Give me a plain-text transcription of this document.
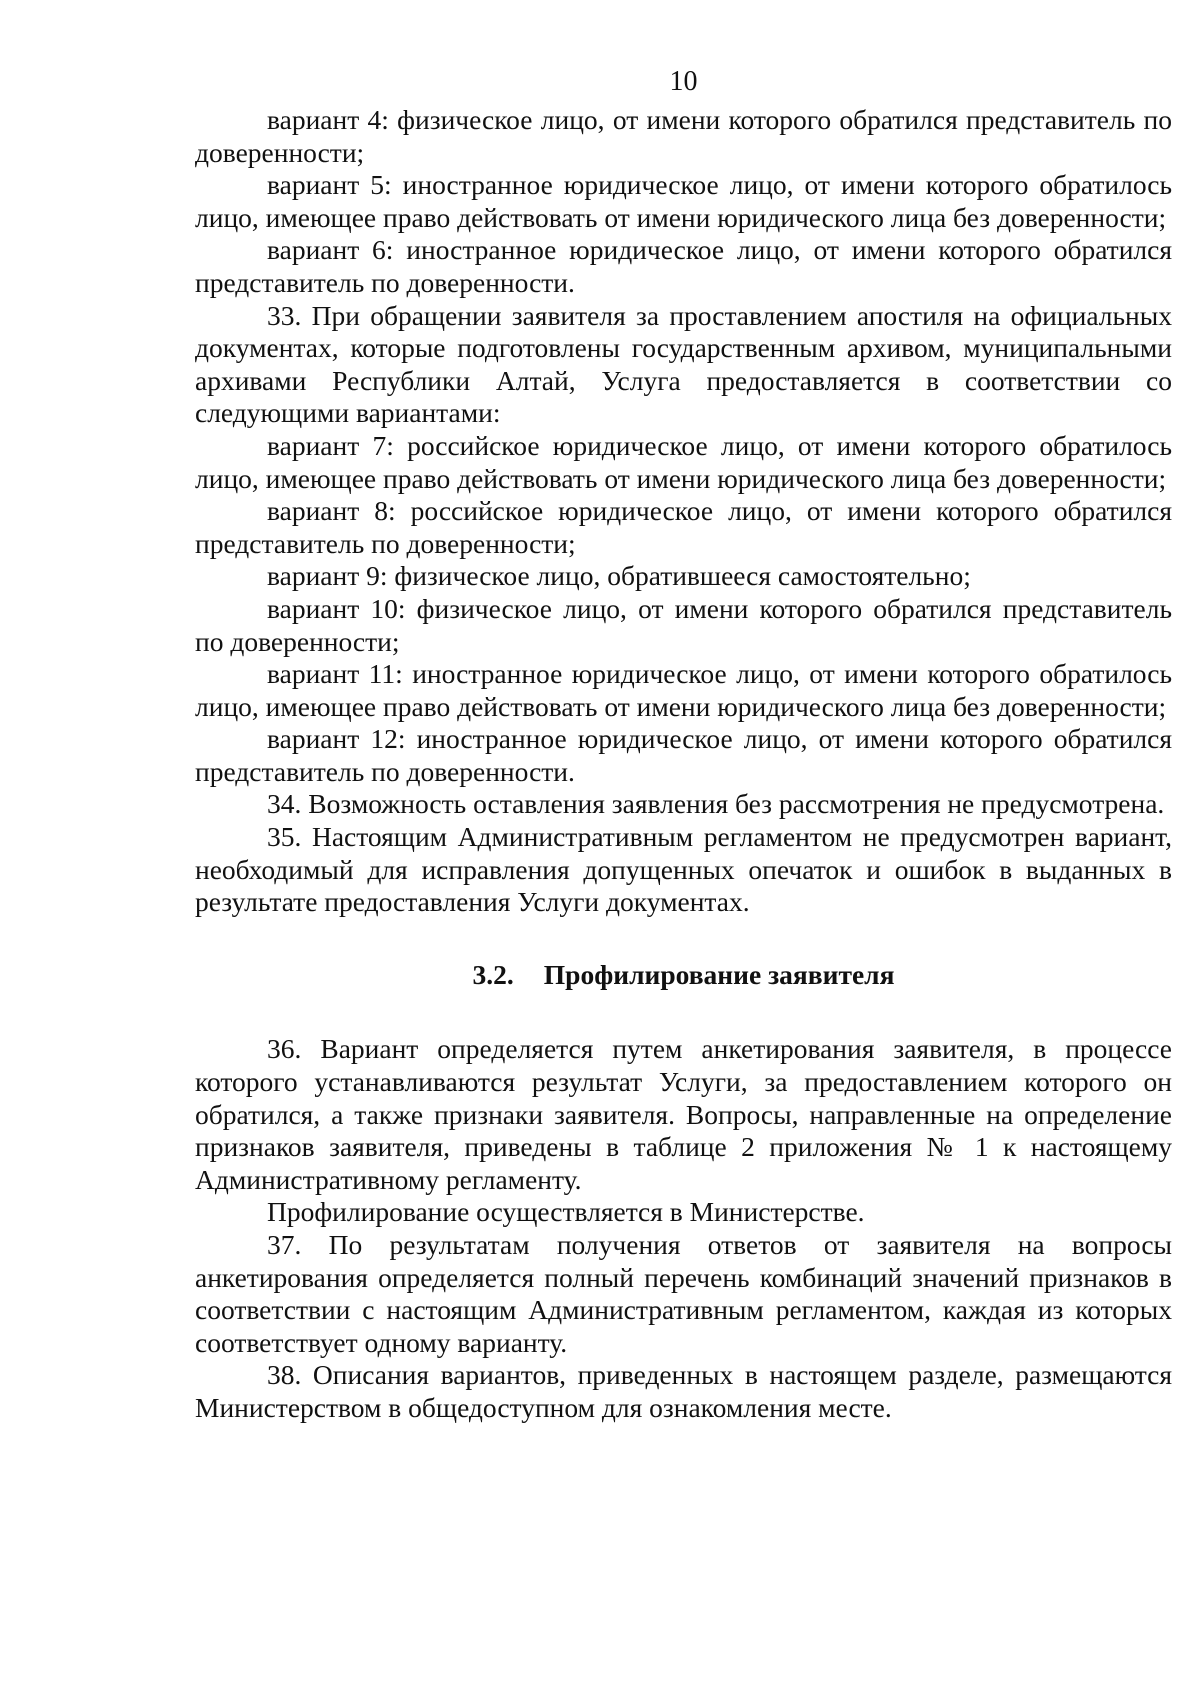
10

вариант 4: физическое лицо, от имени которого обратился представитель по доверенности;

вариант 5: иностранное юридическое лицо, от имени которого обратилось лицо, имеющее право действовать от имени юридического лица без доверенности;

вариант 6: иностранное юридическое лицо, от имени которого обратился представитель по доверенности.

33. При обращении заявителя за проставлением апостиля на официальных документах, которые подготовлены государственным архивом, муниципальными архивами Республики Алтай, Услуга предоставляется в соответствии со следующими вариантами:

вариант 7: российское юридическое лицо, от имени которого обратилось лицо, имеющее право действовать от имени юридического лица без доверенности;

вариант 8: российское юридическое лицо, от имени которого обратился представитель по доверенности;

вариант 9: физическое лицо, обратившееся самостоятельно;

вариант 10: физическое лицо, от имени которого обратился представитель по доверенности;

вариант 11: иностранное юридическое лицо, от имени которого обратилось лицо, имеющее право действовать от имени юридического лица без доверенности;

вариант 12: иностранное юридическое лицо, от имени которого обратился представитель по доверенности.

34. Возможность оставления заявления без рассмотрения не предусмотрена.

35. Настоящим Административным регламентом не предусмотрен вариант, необходимый для исправления допущенных опечаток и ошибок в выданных в результате предоставления Услуги документах.

3.2. Профилирование заявителя

36. Вариант определяется путем анкетирования заявителя, в процессе которого устанавливаются результат Услуги, за предоставлением которого он обратился, а также признаки заявителя. Вопросы, направленные на определение признаков заявителя, приведены в таблице 2 приложения № 1 к настоящему Административному регламенту.

Профилирование осуществляется в Министерстве.

37. По результатам получения ответов от заявителя на вопросы анкетирования определяется полный перечень комбинаций значений признаков в соответствии с настоящим Административным регламентом, каждая из которых соответствует одному варианту.

38. Описания вариантов, приведенных в настоящем разделе, размещаются Министерством в общедоступном для ознакомления месте.
